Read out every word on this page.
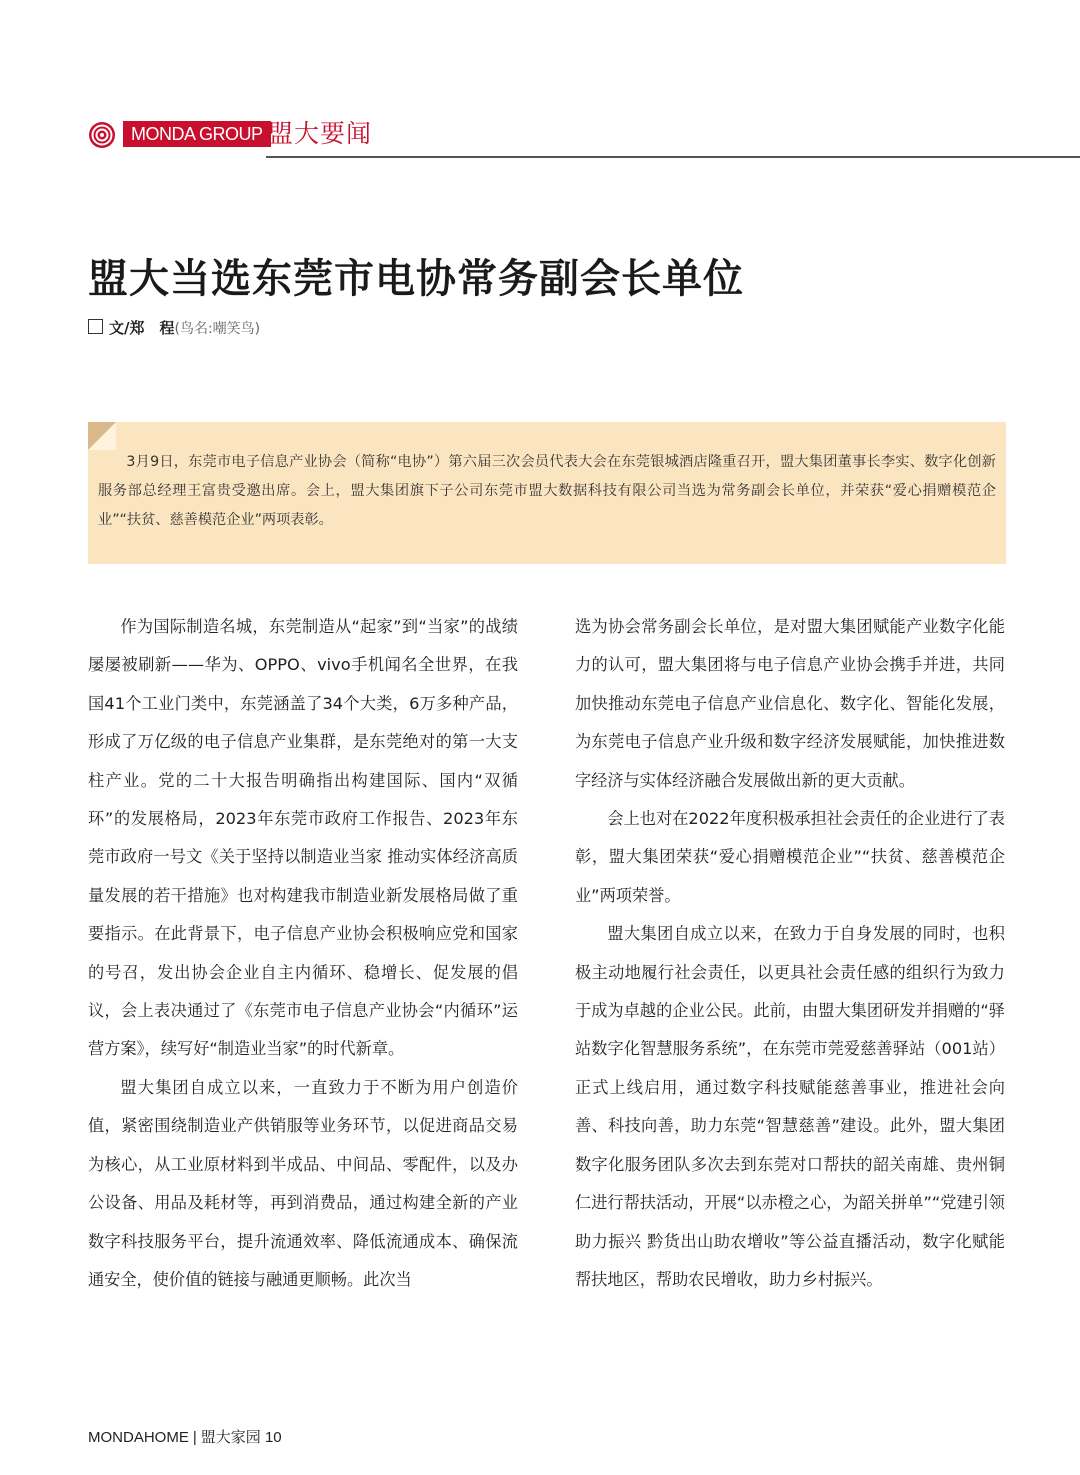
MONDA GROUP 盟大要闻
盟大当选东莞市电协常务副会长单位
文/郑　程(鸟名:嘲笑鸟)

3月9日，东莞市电子信息产业协会（简称“电协”）第六届三次会员代表大会在东莞银城酒店隆重召开，盟大集团董事长李实、数字化创新服务部总经理王富贵受邀出席。会上，盟大集团旗下子公司东莞市盟大数据科技有限公司当选为常务副会长单位，并荣获“爱心捐赠模范企业”“扶贫、慈善模范企业”两项表彰。

作为国际制造名城，东莞制造从“起家”到“当家”的战绩屡屡被刷新——华为、OPPO、vivo手机闻名全世界，在我国41个工业门类中，东莞涵盖了34个大类，6万多种产品，形成了万亿级的电子信息产业集群，是东莞绝对的第一大支柱产业。党的二十大报告明确指出构建国际、国内“双循环”的发展格局，2023年东莞市政府工作报告、2023年东莞市政府一号文《关于坚持以制造业当家 推动实体经济高质量发展的若干措施》也对构建我市制造业新发展格局做了重要指示。在此背景下，电子信息产业协会积极响应党和国家的号召，发出协会企业自主内循环、稳增长、促发展的倡议，会上表决通过了《东莞市电子信息产业协会“内循环”运营方案》，续写好“制造业当家”的时代新章。

盟大集团自成立以来，一直致力于不断为用户创造价值，紧密围绕制造业产供销服等业务环节，以促进商品交易为核心，从工业原材料到半成品、中间品、零配件，以及办公设备、用品及耗材等，再到消费品，通过构建全新的产业数字科技服务平台，提升流通效率、降低流通成本、确保流通安全，使价值的链接与融通更顺畅。此次当

选为协会常务副会长单位，是对盟大集团赋能产业数字化能力的认可，盟大集团将与电子信息产业协会携手并进，共同加快推动东莞电子信息产业信息化、数字化、智能化发展，为东莞电子信息产业升级和数字经济发展赋能，加快推进数字经济与实体经济融合发展做出新的更大贡献。

会上也对在2022年度积极承担社会责任的企业进行了表彰，盟大集团荣获“爱心捐赠模范企业”“扶贫、慈善模范企业”两项荣誉。

盟大集团自成立以来，在致力于自身发展的同时，也积极主动地履行社会责任，以更具社会责任感的组织行为致力于成为卓越的企业公民。此前，由盟大集团研发并捐赠的“驿站数字化智慧服务系统”，在东莞市莞爱慈善驿站（001站）正式上线启用，通过数字科技赋能慈善事业，推进社会向善、科技向善，助力东莞“智慧慈善”建设。此外，盟大集团数字化服务团队多次去到东莞对口帮扶的韶关南雄、贵州铜仁进行帮扶活动，开展“以赤橙之心，为韶关拼单”“党建引领助力振兴 黔货出山助农增收”等公益直播活动，数字化赋能帮扶地区，帮助农民增收，助力乡村振兴。

MONDAHOME | 盟大家园 10
